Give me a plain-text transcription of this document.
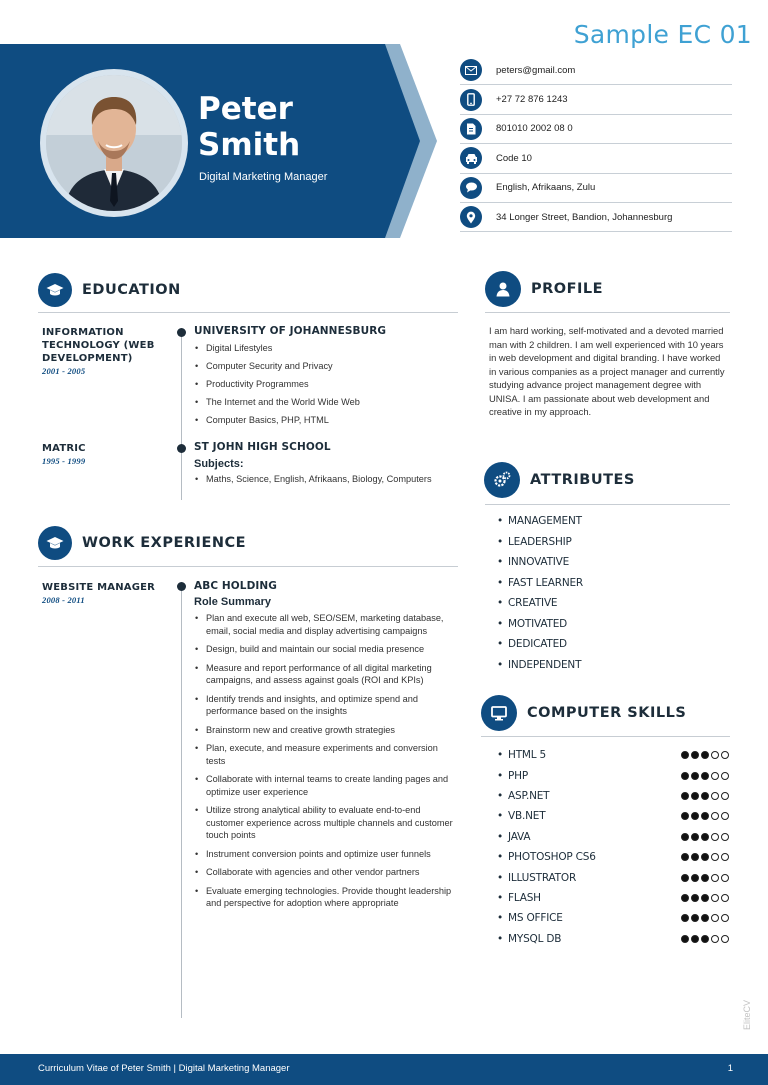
Sample EC 01
Peter
Smith
Digital Marketing Manager
peters@gmail.com
+27 72 876 1243
801010 2002 08 0
Code 10
English, Afrikaans, Zulu
34 Longer Street, Bandion, Johannesburg
EDUCATION
INFORMATION TECHNOLOGY (WEB DEVELOPMENT)
2001 - 2005
UNIVERSITY OF JOHANNESBURG
• Digital Lifestyles
• Computer Security and Privacy
• Productivity Programmes
• The Internet and the World Wide Web
• Computer Basics, PHP, HTML
MATRIC
1995 - 1999
ST JOHN HIGH SCHOOL
Subjects:
• Maths, Science, English, Afrikaans, Biology, Computers
WORK EXPERIENCE
WEBSITE MANAGER
2008 - 2011
ABC HOLDING
Role Summary
• Plan and execute all web, SEO/SEM, marketing database, email, social media and display advertising campaigns
• Design, build and maintain our social media presence
• Measure and report performance of all digital marketing campaigns, and assess against goals (ROI and KPIs)
• Identify trends and insights, and optimize spend and performance based on the insights
• Brainstorm new and creative growth strategies
• Plan, execute, and measure experiments and conversion tests
• Collaborate with internal teams to create landing pages and optimize user experience
• Utilize strong analytical ability to evaluate end-to-end customer experience across multiple channels and customer touch points
• Instrument conversion points and optimize user funnels
• Collaborate with agencies and other vendor partners
• Evaluate emerging technologies. Provide thought leadership and perspective for adoption where appropriate
PROFILE
I am hard working, self-motivated and a devoted married man with 2 children. I am well experienced with 10 years in web development and digital branding. I have worked in various companies as a project manager and currently studying advance project management degree with UNISA. I am passionate about web development and creative in my approach.
ATTRIBUTES
• MANAGEMENT
• LEADERSHIP
• INNOVATIVE
• FAST LEARNER
• CREATIVE
• MOTIVATED
• DEDICATED
• INDEPENDENT
COMPUTER SKILLS
• HTML 5
• PHP
• ASP.NET
• VB.NET
• JAVA
• PHOTOSHOP CS6
• ILLUSTRATOR
• FLASH
• MS OFFICE
• MYSQL DB
EliteCV
Curriculum Vitae of Peter Smith | Digital Marketing Manager	1
